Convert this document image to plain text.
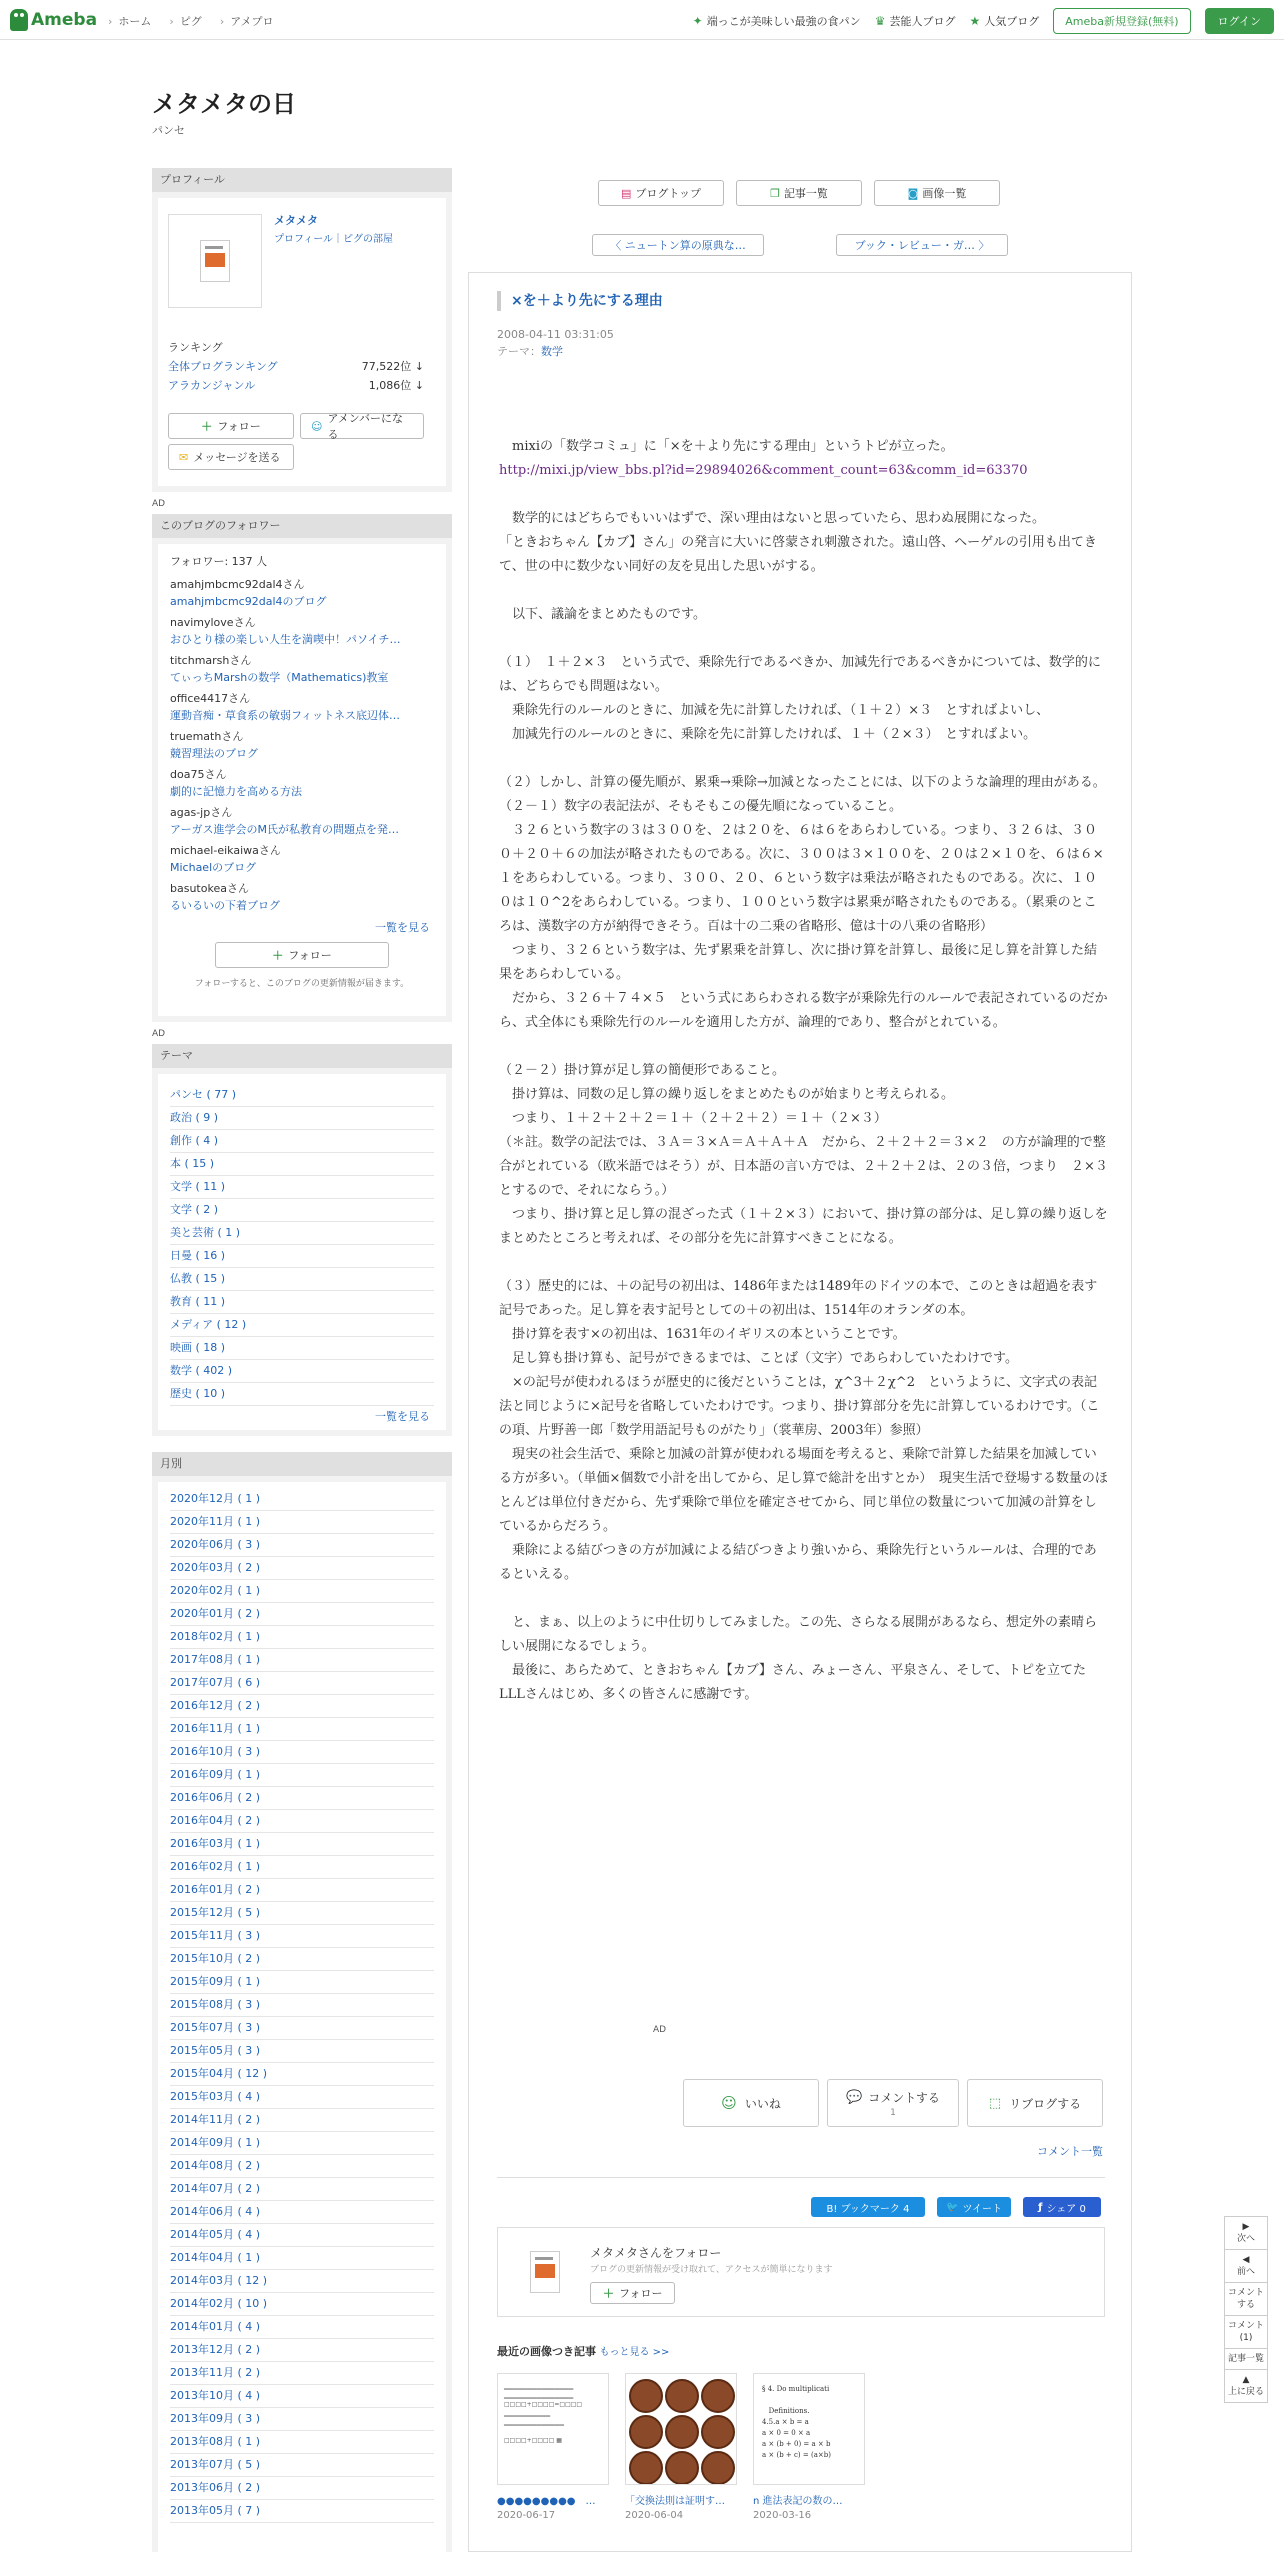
Ameba	› ホーム	› ピグ	› アメプロ	✦ 端っこが美味しい最強の食パン ♛ 芸能人ブログ ★ 人気ブログ	Ameba新規登録(無料)	ログイン
メタメタの日
パンセ
プロフィール
メタメタ
プロフィール｜ピグの部屋
ランキング
全体ブログランキング	77,522位 ↓
アラカンジャンル	1,086位 ↓
＋ フォロー	☺
アメンバーになる
✉ メッセージを送る
AD
このブログのフォロワー
フォロワー: 137 人
amahjmbcmc92dal4さん
amahjmbcmc92dal4のブログ
navimyloveさん
おひとり様の楽しい人生を満喫中！パソイチ…
titchmarshさん
てぃっちMarshの数学（Mathematics)教室
office4417さん
運動音痴・草食系の敏弱フィットネス底辺体…
truemathさん
競習理法のブログ
doa75さん
劇的に記憶力を高める方法
agas-jpさん
アーガス進学会のM氏が私教育の問題点を発…
michael-eikaiwaさん
Michaelのブログ
basutokeaさん
るいるいの下着ブログ
一覧を見る
＋ フォロー
フォローすると、このブログの更新情報が届きます。
AD
テーマ
パンセ ( 77 )
政治 ( 9 )
創作 ( 4 )
本 ( 15 )
文学 ( 11 )
文学 ( 2 )
美と芸術 ( 1 )
日曼 ( 16 )
仏教 ( 15 )
教育 ( 11 )
メディア ( 12 )
映画 ( 18 )
数学 ( 402 )
歴史 ( 10 )
一覧を見る
月別
2020年12月 ( 1 )
2020年11月 ( 1 )
2020年06月 ( 3 )
2020年03月 ( 2 )
2020年02月 ( 1 )
2020年01月 ( 2 )
2018年02月 ( 1 )
2017年08月 ( 1 )
2017年07月 ( 6 )
2016年12月 ( 2 )
2016年11月 ( 1 )
2016年10月 ( 3 )
2016年09月 ( 1 )
2016年06月 ( 2 )
2016年04月 ( 2 )
2016年03月 ( 1 )
2016年02月 ( 1 )
2016年01月 ( 2 )
2015年12月 ( 5 )
2015年11月 ( 3 )
2015年10月 ( 2 )
2015年09月 ( 1 )
2015年08月 ( 3 )
2015年07月 ( 3 )
2015年05月 ( 3 )
2015年04月 ( 12 )
2015年03月 ( 4 )
2014年11月 ( 2 )
2014年09月 ( 1 )
2014年08月 ( 2 )
2014年07月 ( 2 )
2014年06月 ( 4 )
2014年05月 ( 4 )
2014年04月 ( 1 )
2014年03月 ( 12 )
2014年02月 ( 10 )
2014年01月 ( 4 )
2013年12月 ( 2 )
2013年11月 ( 2 )
2013年10月 ( 4 )
2013年09月 ( 3 )
2013年08月 ( 1 )
2013年07月 ( 5 )
2013年06月 ( 2 )
2013年05月 ( 7 )
▤ ブログトップ	❐ 記事一覧	◙ 画像一覧
〈 ニュートン算の原典な…	ブック・レビュー・ガ… 〉
×を＋より先にする理由
2008-04-11 03:31:05
テーマ：数学
　mixiの「数学コミュ」に「×を＋より先にする理由」というトピが立った。
http://mixi.jp/view_bbs.pl?id=29894026&comment_count=63&comm_id=63370

　数学的にはどちらでもいいはずで、深い理由はないと思っていたら、思わぬ展開になった。
「ときおちゃん【カブ】さん」の発言に大いに啓蒙され刺激された。遠山啓、ヘーゲルの引用も出てきて、世の中に数少ない同好の友を見出した思いがする。

　以下、議論をまとめたものです。

（１）　１＋２×３　という式で、乗除先行であるべきか、加減先行であるべきかについては、数学的には、どちらでも問題はない。
　乗除先行のルールのときに、加減を先に計算したければ、（１＋２）×３　とすればよいし、
　加減先行のルールのときに、乗除を先に計算したければ、１＋（２×３）　とすればよい。

（２）しかし、計算の優先順が、累乗→乗除→加減となったことには、以下のような論理的理由がある。
（２－１）数字の表記法が、そもそもこの優先順になっていること。
　３２６という数字の３は３００を、２は２０を、６は６をあらわしている。つまり、３２６は、３００＋２０＋６の加法が略されたものである。次に、３００は３×１００を、２０は２×１０を、６は６×１をあらわしている。つまり、３００、２０、６という数字は乗法が略されたものである。次に、１００は１０^2をあらわしている。つまり、１００という数字は累乗が略されたものである。（累乗のところは、漢数字の方が納得できそう。百は十の二乗の省略形、億は十の八乗の省略形）
　つまり、３２６という数字は、先ず累乗を計算し、次に掛け算を計算し、最後に足し算を計算した結果をあらわしている。
　だから、３２６＋７４×５　という式にあらわされる数字が乗除先行のルールで表記されているのだから、式全体にも乗除先行のルールを適用した方が、論理的であり、整合がとれている。

（２－２）掛け算が足し算の簡便形であること。
　掛け算は、同数の足し算の繰り返しをまとめたものが始まりと考えられる。
　つまり、１＋２＋２＋２＝１＋（２＋２＋２）＝１＋（２×３）
（＊註。数学の記法では、３Ａ＝３×Ａ＝Ａ＋Ａ＋Ａ　だから、２＋２＋２＝３×２　の方が論理的で整合がとれている（欧米語ではそう）が、日本語の言い方では、２＋２＋２は、２の３倍，つまり　２×３　とするので、それにならう。）
　つまり、掛け算と足し算の混ざった式（１＋２×３）において、掛け算の部分は、足し算の繰り返しをまとめたところと考えれば、その部分を先に計算すべきことになる。

（３）歴史的には、＋の記号の初出は、1486年または1489年のドイツの本で、このときは超過を表す記号であった。足し算を表す記号としての＋の初出は、1514年のオランダの本。
　掛け算を表す×の初出は、1631年のイギリスの本ということです。
　足し算も掛け算も、記号ができるまでは、ことば（文字）であらわしていたわけです。
　×の記号が使われるほうが歴史的に後だということは，χ^3＋２χ^2　というように、文字式の表記法と同じように×記号を省略していたわけです。つまり、掛け算部分を先に計算しているわけです。（この項、片野善一郎「数学用語記号ものがたり」（裳華房、2003年）参照）
　現実の社会生活で、乗除と加減の計算が使われる場面を考えると、乗除で計算した結果を加減している方が多い。（単価×個数で小計を出してから、足し算で総計を出すとか）　現実生活で登場する数量のほとんどは単位付きだから、先ず乗除で単位を確定させてから、同じ単位の数量について加減の計算をしているからだろう。
　乗除による結びつきの方が加減による結びつきより強いから、乗除先行というルールは、合理的であるといえる。

　と、まぁ、以上のように中仕切りしてみました。この先、さらなる展開があるなら、想定外の素晴らしい展開になるでしょう。
　最後に、あらためて、ときおちゃん【カブ】さん、みょーさん、平泉さん、そして、トピを立てたLLLさんはじめ、多くの皆さんに感謝です。
AD
☺ いいね	💬 コメントする
1
⬚ リブログする
コメント一覧
B! ブックマーク 4	🐦 ツイート	ƒ シェア 0
メタメタさんをフォロー
ブログの更新情報が受け取れて、アクセスが簡単になります
＋ フォロー
最近の画像つき記事 もっと見る >>
▁▁▁▁▁▁▁▁▁▁▁▁▁▁▁
▁▁▁▁▁▁▁▁▁▁▁▁▁▁▁
□□□□+□□□□=□□□□
▁▁▁▁▁▁▁▁▁▁
▁▁▁▁▁▁▁▁▁▁▁▁▁

□□□□+□□□□ ▦
§ 4. Do multiplicati

Definitions.
4.5.a × b = a
a × 0 = 0 × a
a × (b + 0) = a × b
a × (b + c) = (a×b)
●●●●●●●●●　…
2020-06-17
「交換法則は証明す…
2020-06-04
n 進法表記の数の…
2020-03-16
▶
次へ
◀
前へ
コメントする
コメント(1)
記事一覧
▲
上に戻る
